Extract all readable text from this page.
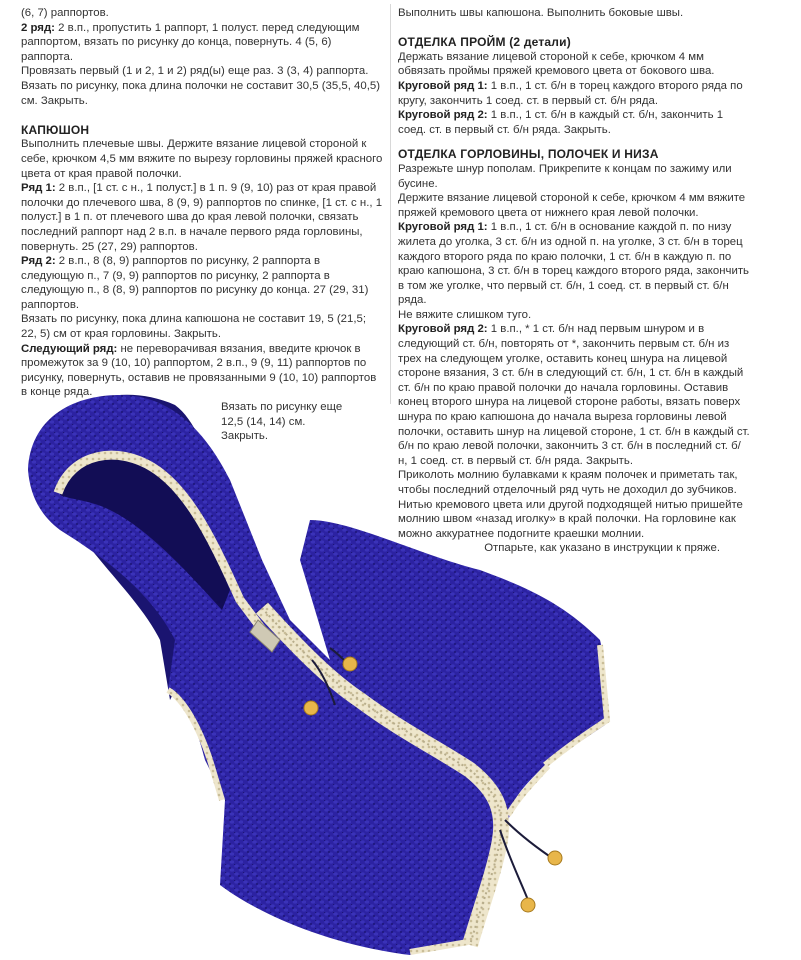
(6, 7) раппортов.

2 ряд: 2 в.п., пропустить 1 раппорт, 1 полуст. перед следующим раппортом, вязать по рисунку до конца, повернуть. 4 (5, 6) раппорта.

Провязать первый (1 и 2, 1 и 2) ряд(ы) еще раз. 3 (3, 4) раппорта. Вязать по рисунку, пока длина полочки не составит 30,5 (35,5, 40,5) см. Закрыть.

КАПЮШОН

Выполнить плечевые швы. Держите вязание лицевой стороной к себе, крючком 4,5 мм вяжите по вырезу горловины пряжей красного цвета от края правой полочки.

Ряд 1: 2 в.п., [1 ст. с н., 1 полуст.] в 1 п. 9 (9, 10) раз от края правой полочки до плечевого шва, 8 (9, 9) раппортов по спинке, [1 ст. с н., 1 полуст.] в 1 п. от плечевого шва до края левой полочки, связать последний раппорт над 2 в.п. в начале первого ряда горловины, повернуть. 25 (27, 29) раппортов.

Ряд 2: 2 в.п., 8 (8, 9) раппортов по рисунку, 2 раппорта в следующую п., 7 (9, 9) раппортов по рисунку, 2 раппорта в следующую п., 8 (8, 9) раппортов по рисунку до конца. 27 (29, 31) раппортов.

Вязать по рисунку, пока длина капюшона не составит 19, 5 (21,5; 22, 5) см от края горловины. Закрыть.

Следующий ряд: не переворачивая вязания, введите крючок в промежуток за 9 (10, 10) раппортом, 2 в.п., 9 (9, 11) раппортов по рисунку, повернуть, оставив не провязанными 9 (10, 10) раппортов в конце ряда.

Вязать по рисунку еще 12,5 (14, 14) см. Закрыть.

Выполнить швы капюшона. Выполнить боковые швы.

ОТДЕЛКА ПРОЙМ (2 детали)

Держать вязание лицевой стороной к себе, крючком 4 мм обвязать проймы пряжей кремового цвета от бокового шва.

Круговой ряд 1: 1 в.п., 1 ст. б/н в торец каждого второго ряда по кругу, закончить 1 соед. ст. в первый ст. б/н ряда.

Круговой ряд 2: 1 в.п., 1 ст. б/н в каждый ст. б/н, закончить 1 соед. ст. в первый ст. б/н ряда. Закрыть.

ОТДЕЛКА ГОРЛОВИНЫ, ПОЛОЧЕК И НИЗА

Разрежьте шнур пополам. Прикрепите к концам по зажиму или бусине.

Держите вязание лицевой стороной к себе, крючком 4 мм вяжите пряжей кремового цвета от нижнего края левой полочки.

Круговой ряд 1: 1 в.п., 1 ст. б/н в основание каждой п. по низу жилета до уголка, 3 ст. б/н из одной п. на уголке, 3 ст. б/н в торец каждого второго ряда по краю полочки, 1 ст. б/н в каждую п. по краю капюшона, 3 ст. б/н в торец каждого второго ряда, закончить в том же уголке, что первый ст. б/н, 1 соед. ст. в первый ст. б/н ряда.

Не вяжите слишком туго.

Круговой ряд 2: 1 в.п., * 1 ст. б/н над первым шнуром и в следующий ст. б/н, повторять от *, закончить первым ст. б/н из трех на следующем уголке, оставить конец шнура на лицевой стороне вязания, 3 ст. б/н в следующий ст. б/н, 1 ст. б/н в каждый ст. б/н по краю правой полочки до начала горловины. Оставив конец второго шнура на лицевой стороне работы, вязать поверх шнура по краю капюшона до начала выреза горловины левой полочки, оставить шнур на лицевой стороне, 1 ст. б/н в каждый ст. б/н по краю левой полочки, закончить 3 ст. б/н в последний ст. б/н, 1 соед. ст. в первый ст. б/н ряда. Закрыть.

Приколоть молнию булавками к краям полочек и приметать так, чтобы последний отделочный ряд чуть не доходил до зубчиков. Нитью кремового цвета или другой подходящей нитью пришейте молнию швом «назад иголку» в край полочки. На горловине как можно аккуратнее подогните краешки молнии.

Отпарьте, как указано в инструкции к пряже.
